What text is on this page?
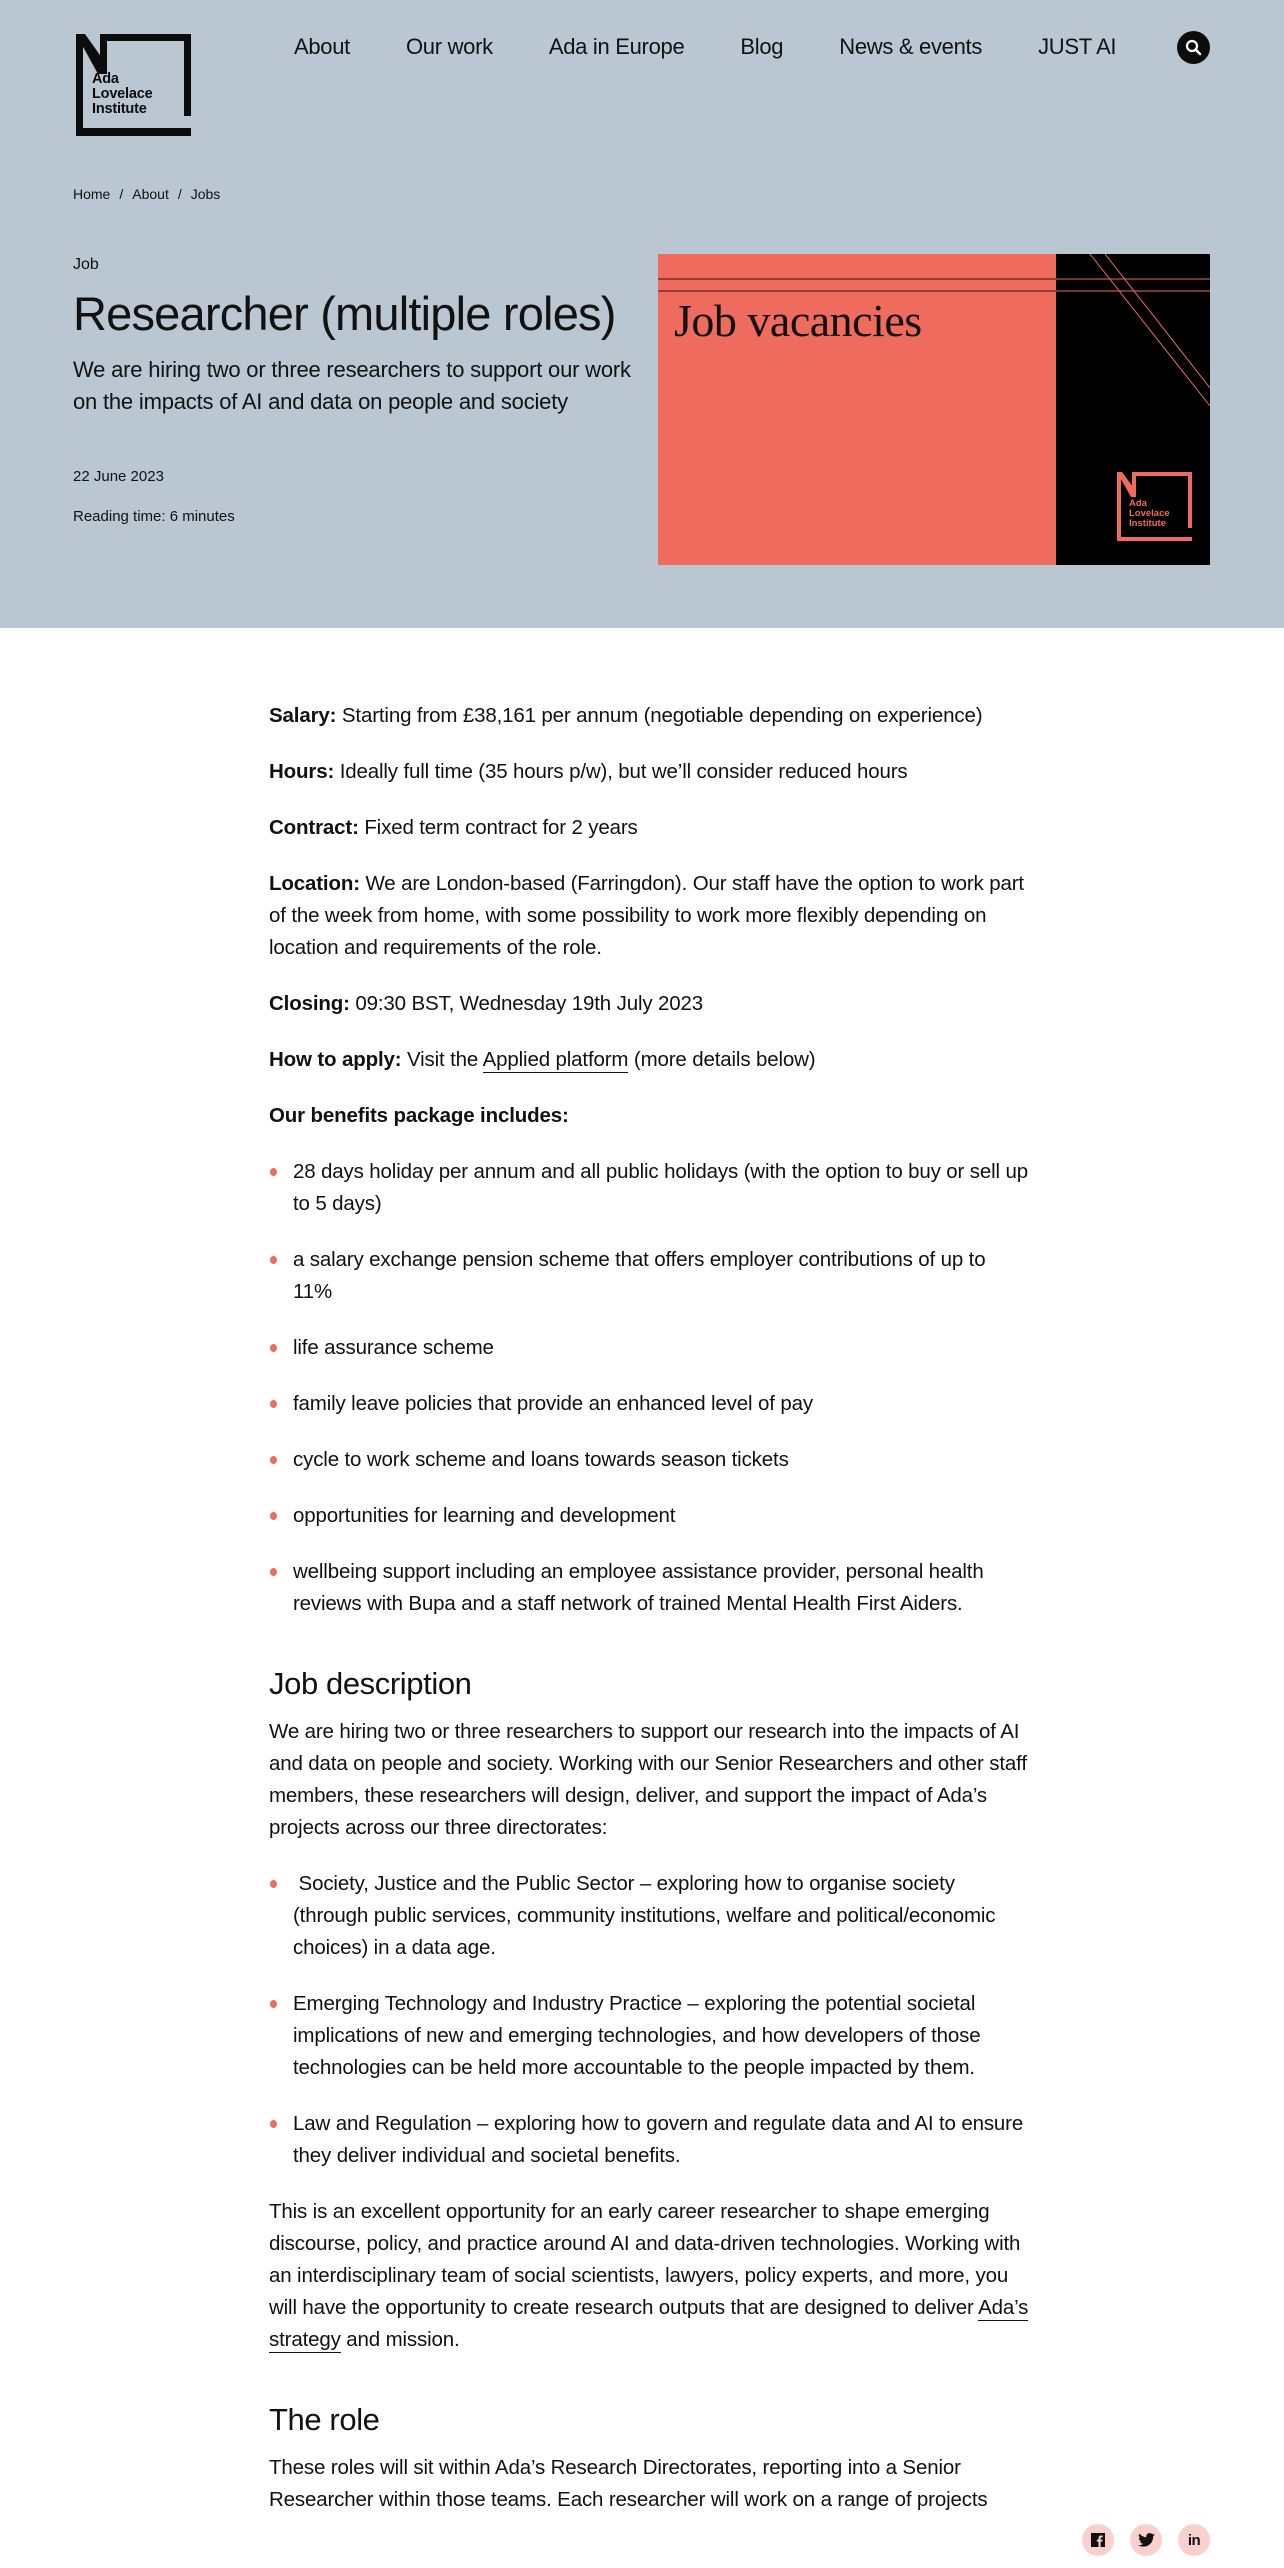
Ada
Lovelace
Institute
About	Our work	Ada in Europe	Blog	News & events	JUST AI
Home / About / Jobs
Job
Researcher (multiple roles)

We are hiring two or three researchers to support our work on the impacts of AI and data on people and society

22 June 2023
Reading time: 6 minutes
Job vacancies
Ada
Lovelace
Institute

Salary: Starting from £38,161 per annum (negotiable depending on experience)

Hours: Ideally full time (35 hours p/w), but we’ll consider reduced hours

Contract: Fixed term contract for 2 years

Location: We are London-based (Farringdon). Our staff have the option to work part of the week from home, with some possibility to work more flexibly depending on location and requirements of the role.

Closing: 09:30 BST, Wednesday 19th July 2023

How to apply: Visit the Applied platform (more details below)

Our benefits package includes:

28 days holiday per annum and all public holidays (with the option to buy or sell up to 5 days)
a salary exchange pension scheme that offers employer contributions of up to 11%
life assurance scheme
family leave policies that provide an enhanced level of pay
cycle to work scheme and loans towards season tickets
opportunities for learning and development
wellbeing support including an employee assistance provider, personal health reviews with Bupa and a staff network of trained Mental Health First Aiders.
Job description

We are hiring two or three researchers to support our research into the impacts of AI and data on people and society. Working with our Senior Researchers and other staff members, these researchers will design, deliver, and support the impact of Ada’s projects across our three directorates:

Society, Justice and the Public Sector – exploring how to organise society (through public services, community institutions, welfare and political/economic choices) in a data age.
Emerging Technology and Industry Practice – exploring the potential societal implications of new and emerging technologies, and how developers of those technologies can be held more accountable to the people impacted by them.
Law and Regulation – exploring how to govern and regulate data and AI to ensure they deliver individual and societal benefits.

This is an excellent opportunity for an early career researcher to shape emerging discourse, policy, and practice around AI and data-driven technologies. Working with an interdisciplinary team of social scientists, lawyers, policy experts, and more, you will have the opportunity to create research outputs that are designed to deliver Ada’s strategy and mission.

The role

These roles will sit within Ada’s Research Directorates, reporting into a Senior Researcher within those teams. Each researcher will work on a range of projects

in
